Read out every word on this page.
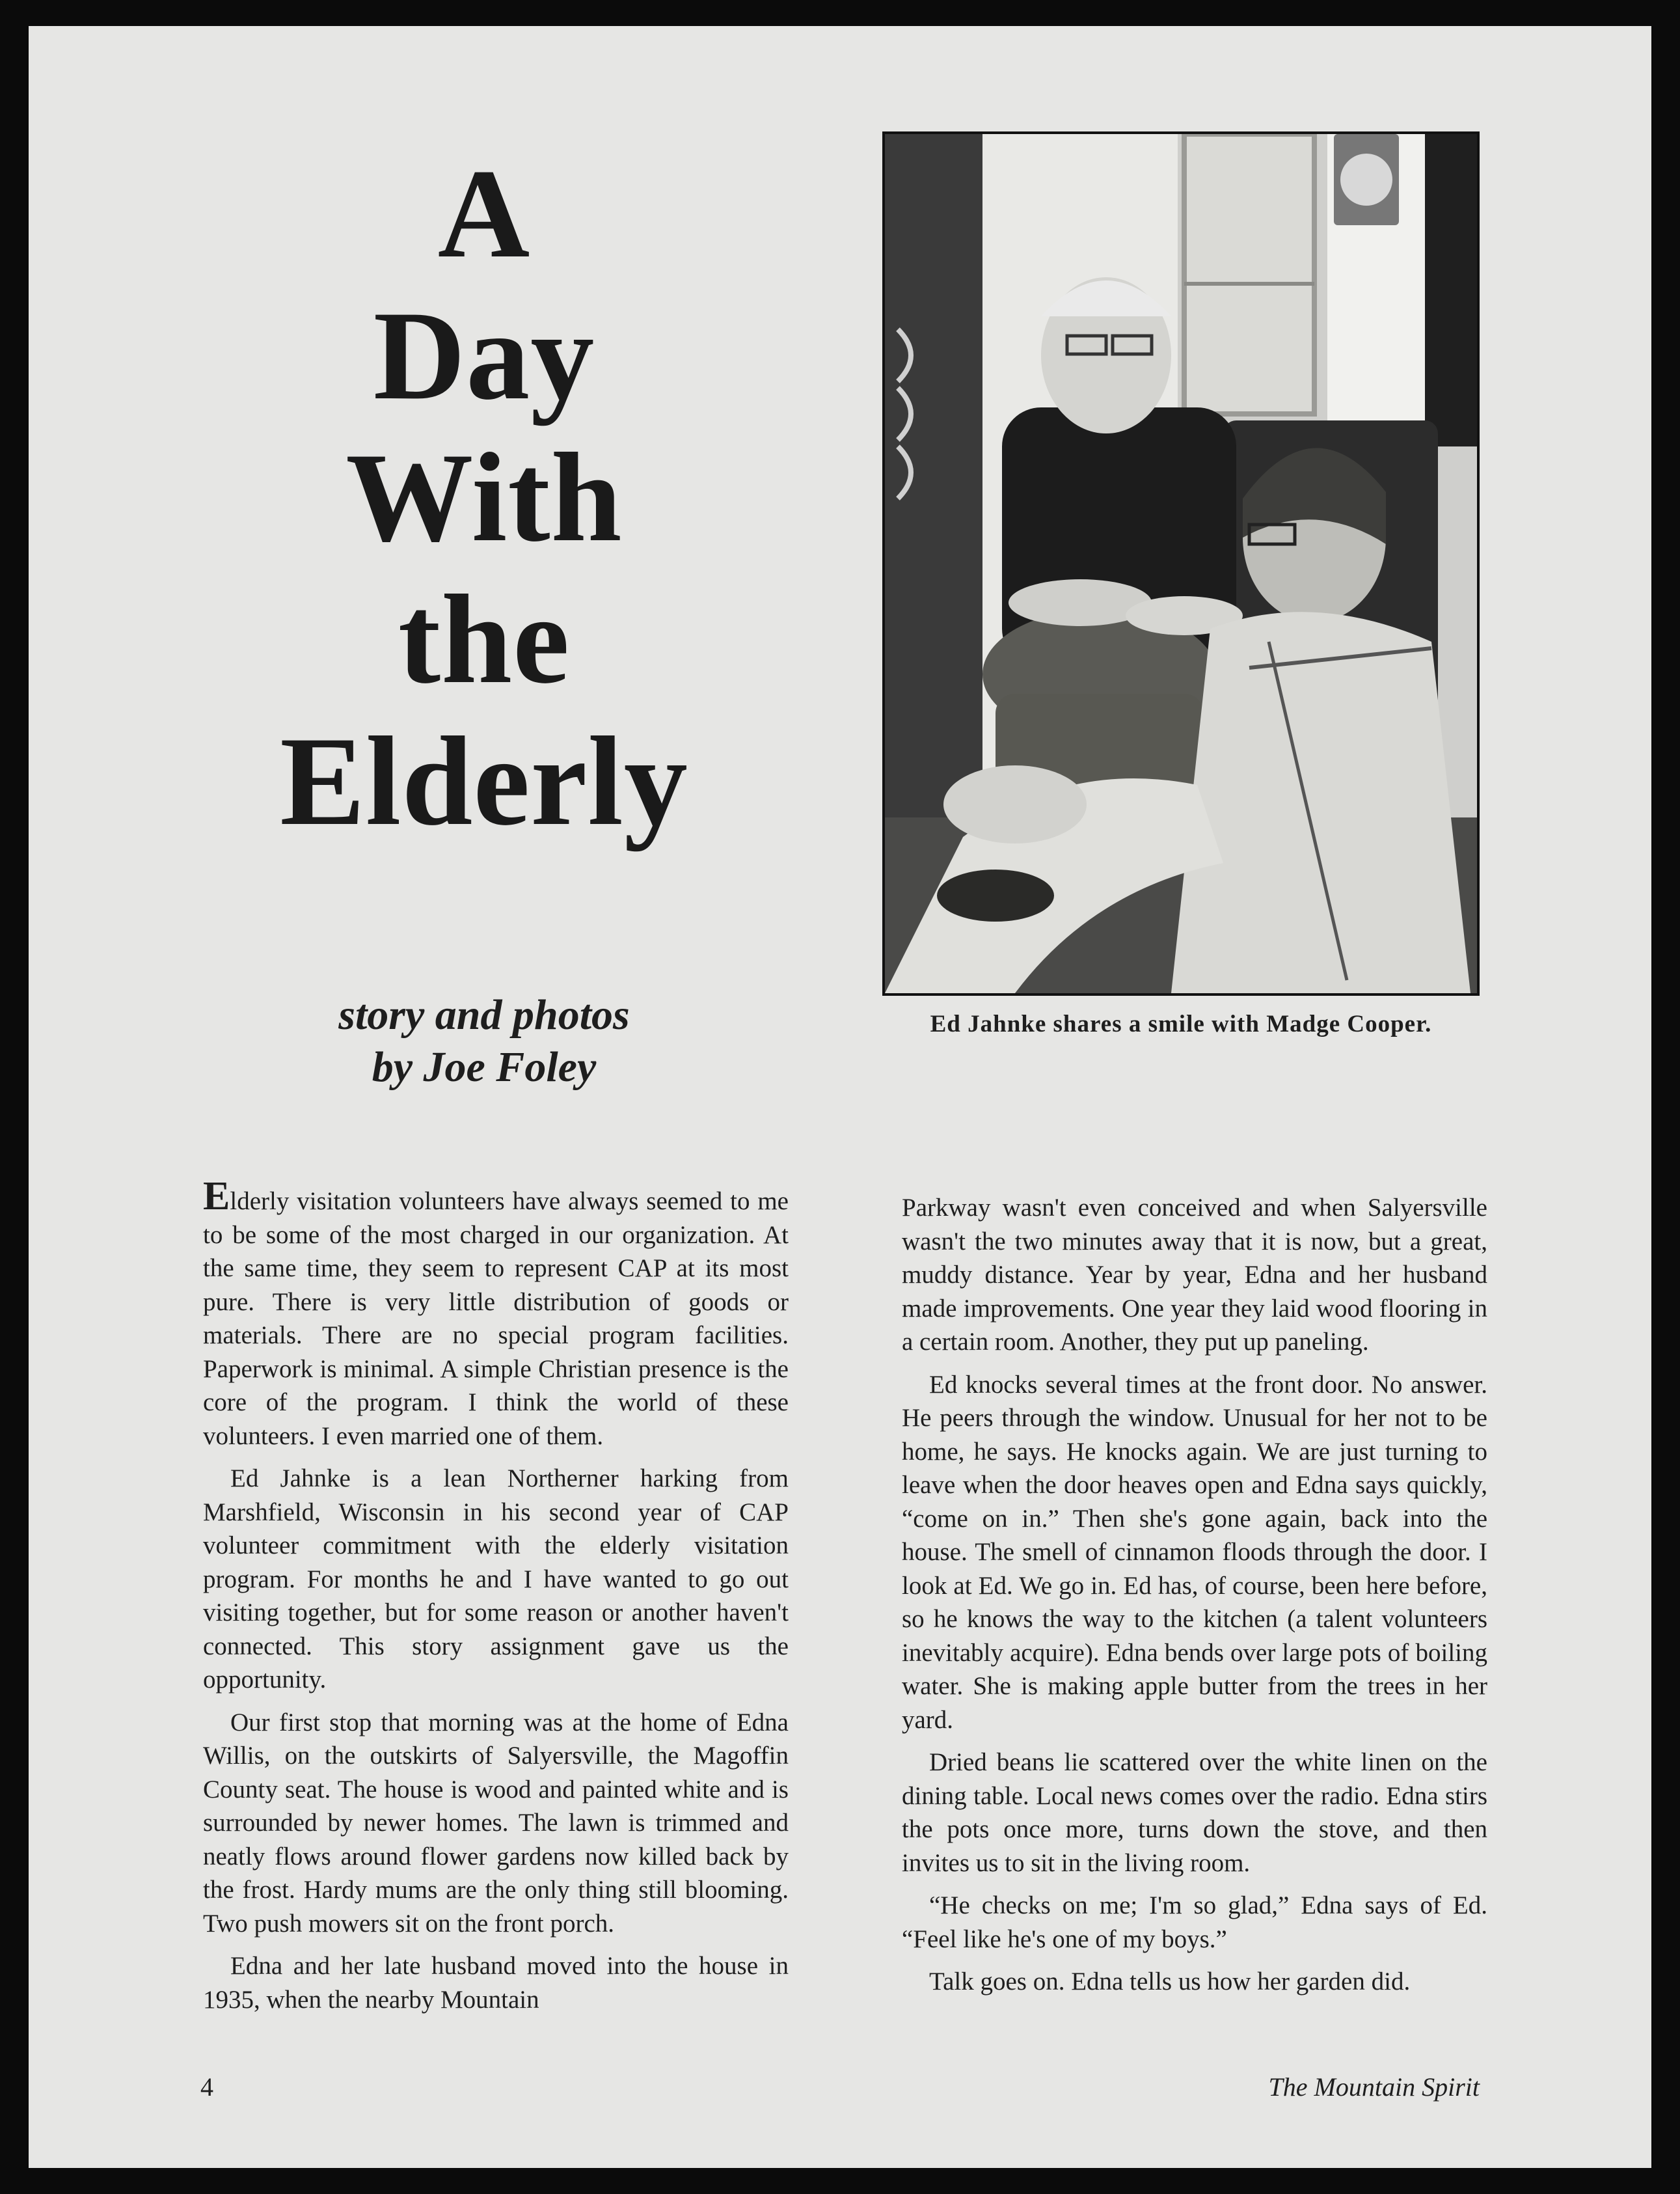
A
Day
With
the
Elderly
story and photos
by Joe Foley
Ed Jahnke shares a smile with Madge Cooper.

Elderly visitation volunteers have always seemed to me to be some of the most charged in our organization. At the same time, they seem to represent CAP at its most pure. There is very little distribution of goods or materials. There are no special program facilities. Paperwork is minimal. A simple Christian presence is the core of the program. I think the world of these volunteers. I even married one of them.

Ed Jahnke is a lean Northerner harking from Marshfield, Wisconsin in his second year of CAP volunteer commitment with the elderly visitation program. For months he and I have wanted to go out visiting together, but for some reason or another haven't connected. This story assignment gave us the opportunity.

Our first stop that morning was at the home of Edna Willis, on the outskirts of Salyersville, the Magoffin County seat. The house is wood and painted white and is surrounded by newer homes. The lawn is trimmed and neatly flows around flower gardens now killed back by the frost. Hardy mums are the only thing still blooming. Two push mowers sit on the front porch.

Edna and her late husband moved into the house in 1935, when the nearby Mountain

Parkway wasn't even conceived and when Salyersville wasn't the two minutes away that it is now, but a great, muddy distance. Year by year, Edna and her husband made improvements. One year they laid wood flooring in a certain room. Another, they put up paneling.

Ed knocks several times at the front door. No answer. He peers through the window. Unusual for her not to be home, he says. He knocks again. We are just turning to leave when the door heaves open and Edna says quickly, “come on in.” Then she's gone again, back into the house. The smell of cinnamon floods through the door. I look at Ed. We go in. Ed has, of course, been here before, so he knows the way to the kitchen (a talent volunteers inevitably acquire). Edna bends over large pots of boiling water. She is making apple butter from the trees in her yard.

Dried beans lie scattered over the white linen on the dining table. Local news comes over the radio. Edna stirs the pots once more, turns down the stove, and then invites us to sit in the living room.

“He checks on me; I'm so glad,” Edna says of Ed. “Feel like he's one of my boys.”

Talk goes on. Edna tells us how her garden did.

4	The Mountain Spirit
